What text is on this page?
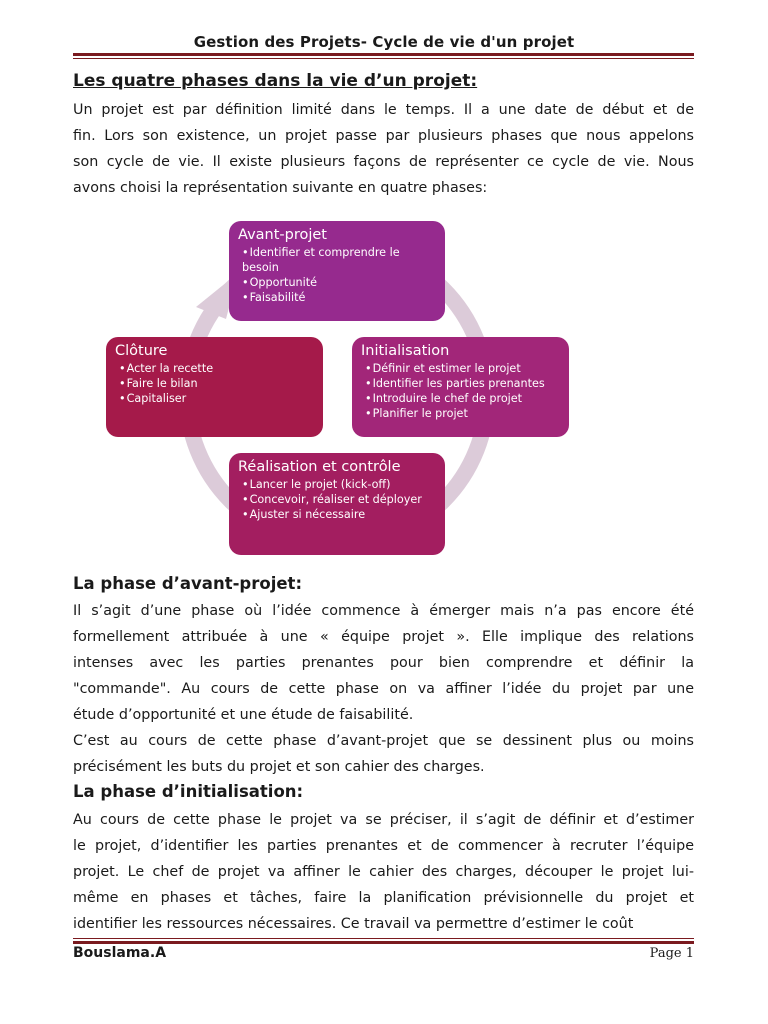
Gestion des Projets- Cycle de vie d'un projet
Les quatre phases dans la vie d’un projet:

Un projet est par définition limité dans le temps. Il a une date de début et de
fin. Lors son existence, un projet passe par plusieurs phases que nous appelons
son cycle de vie. Il existe plusieurs façons de représenter ce cycle de vie. Nous
avons choisi la représentation suivante en quatre phases:

Avant-projet
• Identifier et comprendre le besoin
• Opportunité
• Faisabilité
Initialisation
• Définir et estimer le projet
• Identifier les parties prenantes
• Introduire le chef de projet
• Planifier le projet
Réalisation et contrôle
• Lancer le projet (kick-off)
• Concevoir, réaliser et déployer
• Ajuster si nécessaire
Clôture
• Acter la recette
• Faire le bilan
• Capitaliser
La phase d’avant-projet:

Il s’agit d’une phase où l’idée commence à émerger mais n’a pas encore été
formellement attribuée à une « équipe projet ». Elle implique des relations
intenses avec les parties prenantes pour bien comprendre et définir la
"commande". Au cours de cette phase on va affiner l’idée du projet par une
étude d’opportunité et une étude de faisabilité.

C’est au cours de cette phase d’avant-projet que se dessinent plus ou moins
précisément les buts du projet et son cahier des charges.

La phase d’initialisation:

Au cours de cette phase le projet va se préciser, il s’agit de définir et d’estimer
le projet, d’identifier les parties prenantes et de commencer à recruter l’équipe
projet. Le chef de projet va affiner le cahier des charges, découper le projet lui-
même en phases et tâches, faire la planification prévisionnelle du projet et
identifier les ressources nécessaires. Ce travail va permettre d’estimer le coût

Bouslama.A	Page 1
